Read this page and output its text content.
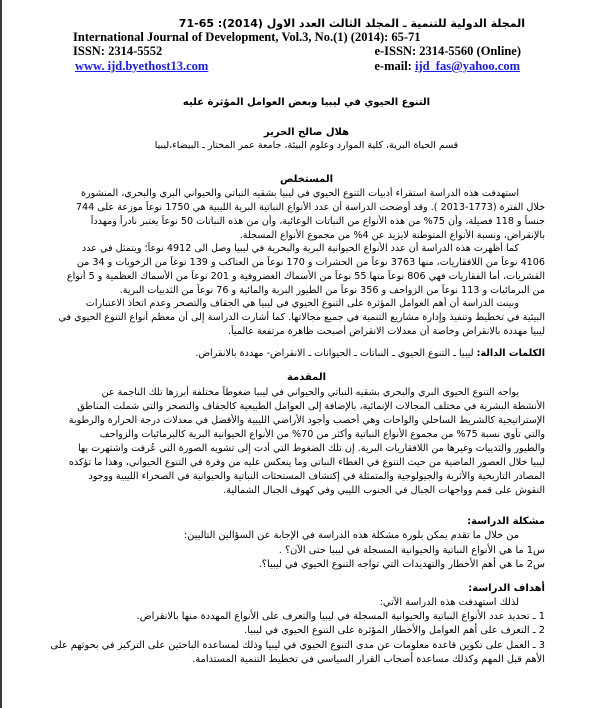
المجلة الدولية للتنمية ـ المجلد الثالث العدد الاول (2014): 65-71
International Journal of Development, Vol.3, No.(1) (2014): 65-71
ISSN: 2314-5552	e-ISSN: 2314-5560 (Online)
www. ijd.byethost13.com	e-mail: ijd_fas@yahoo.com
التنوع الحيوي في ليبيا وبعض العوامل المؤثرة عليه
هلال صالح الحرير
قسم الحياة البرية، كلية الموارد وعلوم البيئة، جامعة عمر المختار ـ البيضاء،ليبيا
المستخلص
استهدفت هذه الدراسة استقراء أدبيات التنوع الحيوي في ليبيا بشقيه النباتي والحيواني البري والبحري، المنشورة
خلال الفترة (1773-2013 ). وقد أوضحت الدراسة أن عدد الأنواع النباتية البرية الليبية هي 1750 نوعاً موزعة على 744
جنساً و 118 فصيلة، وأن 75% من هذه الأنواع من النباتات الوعائية، وأن من هذه النباتات 50 نوعاً يعتبر نادراً ومهدداً
بالإنقراض، ونسبة الأنواع المتوطنة لايزيد عن 4% من مجموع الأنواع المسجلة.
كما أظهرت هذه الدراسة أن عدد الأنواع الحيوانية البرية والبحرية في ليبيا وصل الى 4912 نوعاً؛ ويتمثل في عدد
4106 نوعاً من اللافقاريات، منها 3763 نوعاً من الحشرات و 170 نوعاً من العناكب و 139 نوعاً من الرخويات و 34 من
القشريات، أما الفقاريات فهي 806 نوعاً منها 55 نوعاً من الأسماك الغضروفية و 201 نوعاً من الأسماك العظمية و 5 أنواع
من البرمائيات و 113 نوعاً من الزواحف و 356 نوعاً من الطيور البرية والمائية و 76 نوعاً من الثدييات البرية.
وبينت الدراسة أن أهم العوامل المؤثرة على التنوع الحيوي في ليبيا هي الجفاف والتصحر وعدم اتخاذ الاعتبارات
البيئية في تخطيط وتنفيذ وإدارة مشاريع التنمية في جميع مجالاتها. كما أشارت الدراسة إلى أن معظم أنواع التنوع الحيوي في
ليبيا مهددة بالانقراض وخاصة أن معدلات الانقراض أصبحت ظاهرة مرتفعة عالمياً.
الكلمات الدالة: ليبيا ـ التنوع الحيوي ـ النباتات ـ الحيوانات ـ الانقراض- مهددة بالانقراض.
المقدمة
يواجه التنوع الحيوي البري والبحري بشقيه النباتي والحيواني في ليبيا ضغوطاً مختلفة أبرزها تلك الناجمة عن
الأنشطة البشرية في مختلف المجالات الإنمائية، بالإضافة إلى العوامل الطبيعية كالجفاف والتصحر والتي شملت المناطق
الإستراتيجية كالشريط الساحلي والواحات وهي أخصب وأجود الأراضي الليبية والأفضل في معدلات درجة الحرارة والرطوبة
والتي تأوي نسبة 75% من مجموع الأنواع النباتية وأكثر من 70% من الأنواع الحيوانية البرية كالبرمائيات والزواحف
والطيور والثدييات وغيرها من اللافقاريات البرية. إن تلك الضغوط التي أدت إلى تشويه الصورة التي عُرفت واشتهرت بها
ليبيا خلال العصور الماضية من حيث التنوع في الغطاء النباتي وما ينعكس عليه من وفرة في التنوع الحيواني، وهذا ما تؤكده
المصادر التاريخية والأثرية والجيولوجية والمتمثلة في إكتشاف المستحثات النباتية والحيوانية في الصحراء الليبية ووجود
النقوش على قمم وواجهات الجبال في الجنوب الليبي وفي كهوف الجبال الشمالية.
مشكلة الدراسة:
من خلال ما تقدم يمكن بلورة مشكلة هذه الدراسة في الإجابة عن السؤالين التاليين:
س1 ما هي الأنواع النباتية والحيوانية المسجلة في ليبيا حتى الآن؟ .
س2 ما هي أهم الأخطار والتهديدات التي تواجه التنوع الحيوي في ليبيا؟.
أهداف الدراسة:
لذلك استهدفت هذه الدراسة الآتي:
1 ـ تحديد عدد الأنواع النباتية والحيوانية المسجلة في ليبيا والتعرف على الأنواع المهددة منها بالانقراض.
2 ـ التعرف على أهم العوامل والأخطار المؤثرة على التنوع الحيوي في ليبيا.
3 ـ العمل على تكوين قاعدة معلومات عن مدى التنوع الحيوي في ليبيا وذلك لمساعدة الباحثين على التركيز في بحوثهم على
الأهم قبل المهم وكذلك مساعدة أصحاب القرار السياسي في تخطيط التنمية المستدامة.
